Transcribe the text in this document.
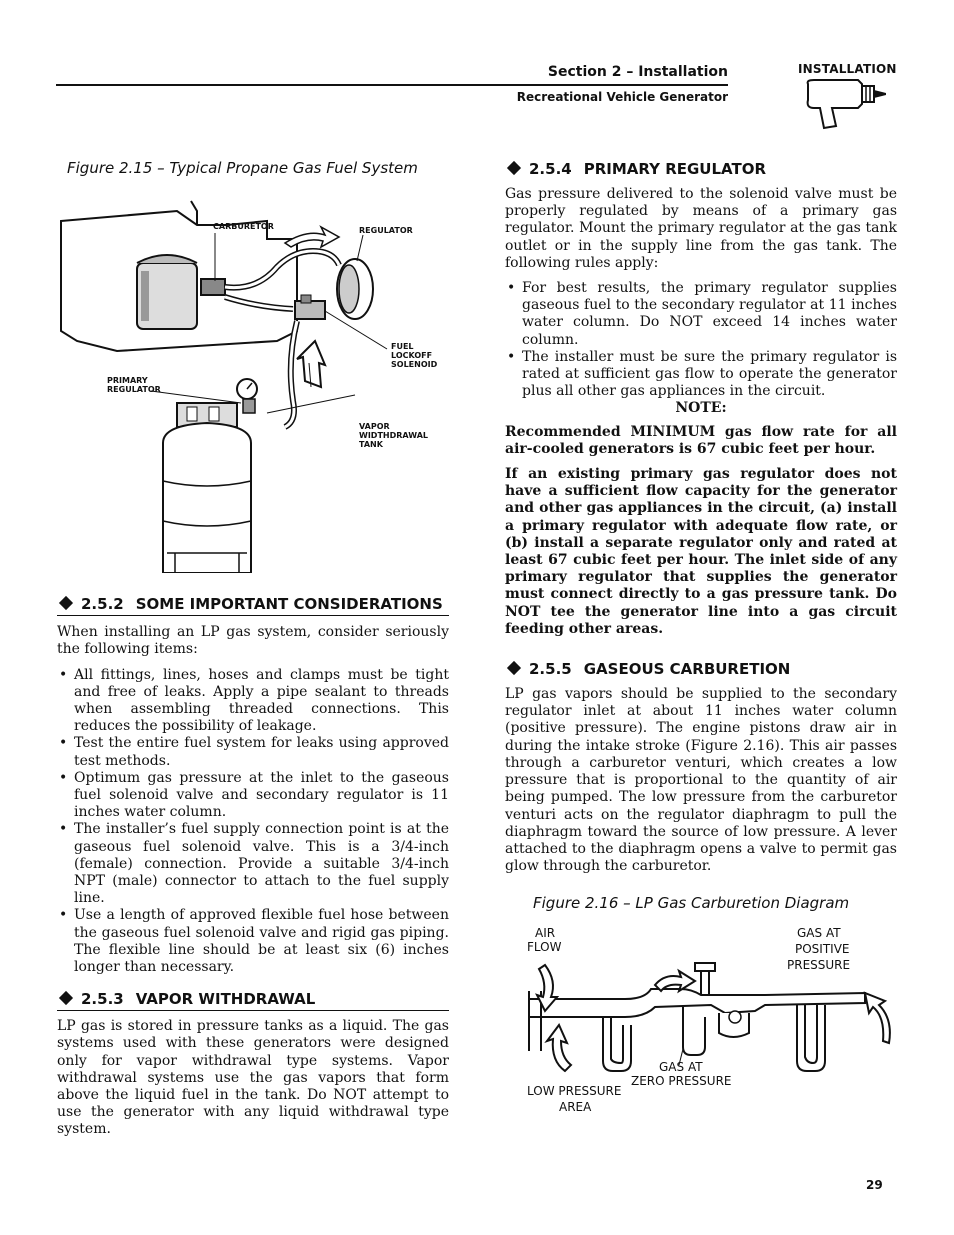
Section 2 – Installation
Recreational Vehicle Generator
INSTALLATION

Figure 2.15 – Typical Propane Gas Fuel System

CARBURETOR	REGULATOR
FUEL
LOCKOFF
SOLENOID
PRIMARY
REGULATOR
VAPOR
WIDTHDRAWAL
TANK
2.5.2 SOME IMPORTANT CONSIDERATIONS

When installing an LP gas system, consider seriously the following items:

• All fittings, lines, hoses and clamps must be tight and free of leaks. Apply a pipe sealant to threads when assembling threaded connections. This reduces the possibility of leakage.
• Test the entire fuel system for leaks using approved test methods.
• Optimum gas pressure at the inlet to the gaseous fuel solenoid valve and secondary regulator is 11 inches water column.
• The installer’s fuel supply connection point is at the gaseous fuel solenoid valve. This is a 3/4-inch (female) connection. Provide a suitable 3/4-inch NPT (male) connector to attach to the fuel supply line.
• Use a length of approved flexible fuel hose between the gaseous fuel solenoid valve and rigid gas piping. The flexible line should be at least six (6) inches longer than necessary.
2.5.3 VAPOR WITHDRAWAL

LP gas is stored in pressure tanks as a liquid. The gas systems used with these generators were designed only for vapor withdrawal type systems. Vapor withdrawal systems use the gas vapors that form above the liquid fuel in the tank. Do NOT attempt to use the generator with any liquid withdrawal type system.

2.5.4 PRIMARY REGULATOR

Gas pressure delivered to the solenoid valve must be properly regulated by means of a primary gas regulator. Mount the primary regulator at the gas tank outlet or in the supply line from the gas tank. The following rules apply:

• For best results, the primary regulator supplies gaseous fuel to the secondary regulator at 11 inches water column. Do NOT exceed 14 inches water column.
• The installer must be sure the primary regulator is rated at sufficient gas flow to operate the generator plus all other gas appliances in the circuit.

NOTE:

Recommended MINIMUM gas flow rate for all air-cooled generators is 67 cubic feet per hour.

If an existing primary gas regulator does not have a sufficient flow capacity for the generator and other gas appliances in the circuit, (a) install a primary regulator with adequate flow rate, or (b) install a separate regulator only and rated at least 67 cubic feet per hour. The inlet side of any primary regulator that supplies the generator must connect directly to a gas pressure tank. Do NOT tee the generator line into a gas circuit feeding other areas.

2.5.5 GASEOUS CARBURETION

LP gas vapors should be supplied to the secondary regulator inlet at about 11 inches water column (positive pressure). The engine pistons draw air in during the intake stroke (Figure 2.16). This air passes through a carburetor venturi, which creates a low pressure that is proportional to the quantity of air being pumped. The low pressure from the carburetor venturi acts on the regulator diaphragm to pull the diaphragm toward the source of low pressure. A lever attached to the diaphragm opens a valve to permit gas glow through the carburetor.

Figure 2.16 – LP Gas Carburetion Diagram

AIR
FLOW
GAS AT
POSITIVE
PRESSURE
GAS AT
ZERO PRESSURE
LOW PRESSURE
AREA
29
